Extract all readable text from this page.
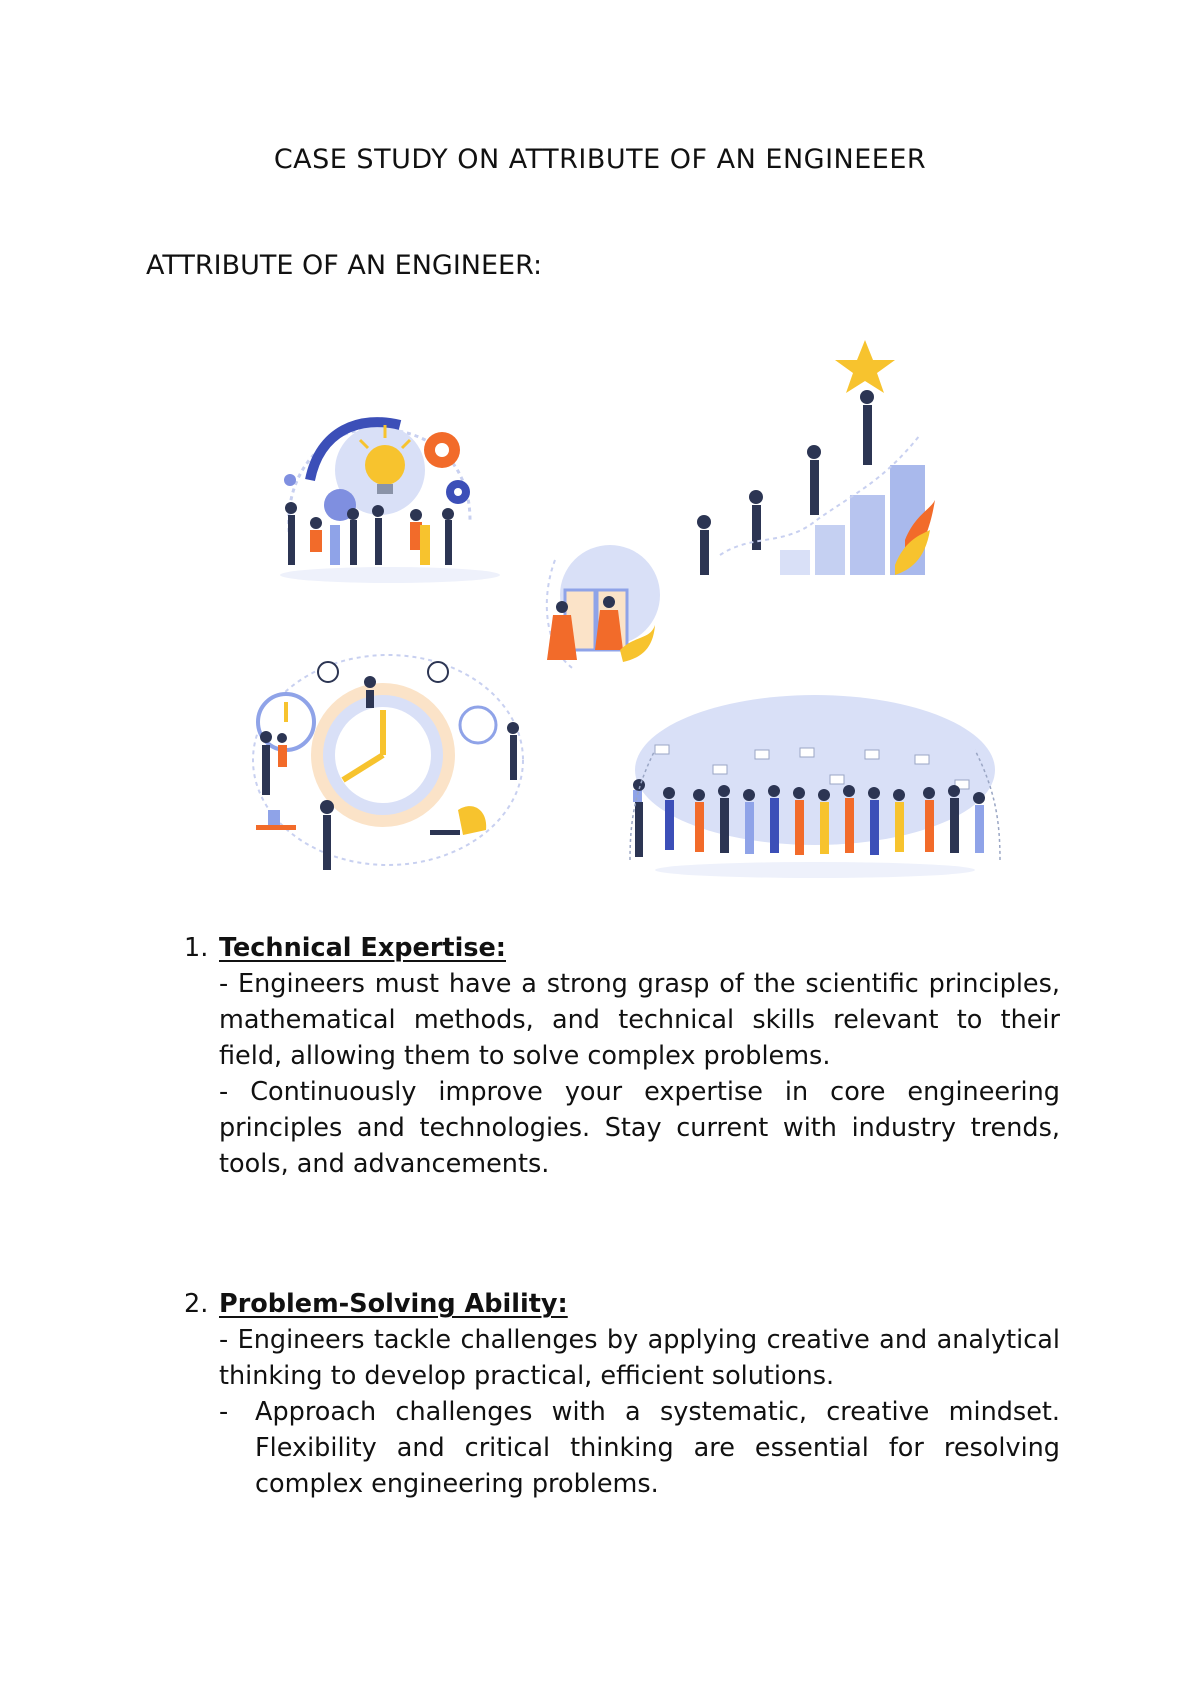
CASE STUDY ON ATTRIBUTE OF AN ENGINEEER
ATTRIBUTE OF AN ENGINEER:
1. Technical Expertise:
- Engineers must have a strong grasp of the scientific principles, mathematical methods, and technical skills relevant to their field, allowing them to solve complex problems.
- Continuously improve your expertise in core engineering principles and technologies. Stay current with industry trends, tools, and advancements.
2. Problem-Solving Ability:
- Engineers tackle challenges by applying creative and analytical thinking to develop practical, efficient solutions.
-	Approach challenges with a systematic, creative mindset. Flexibility and critical thinking are essential for resolving complex engineering problems.
